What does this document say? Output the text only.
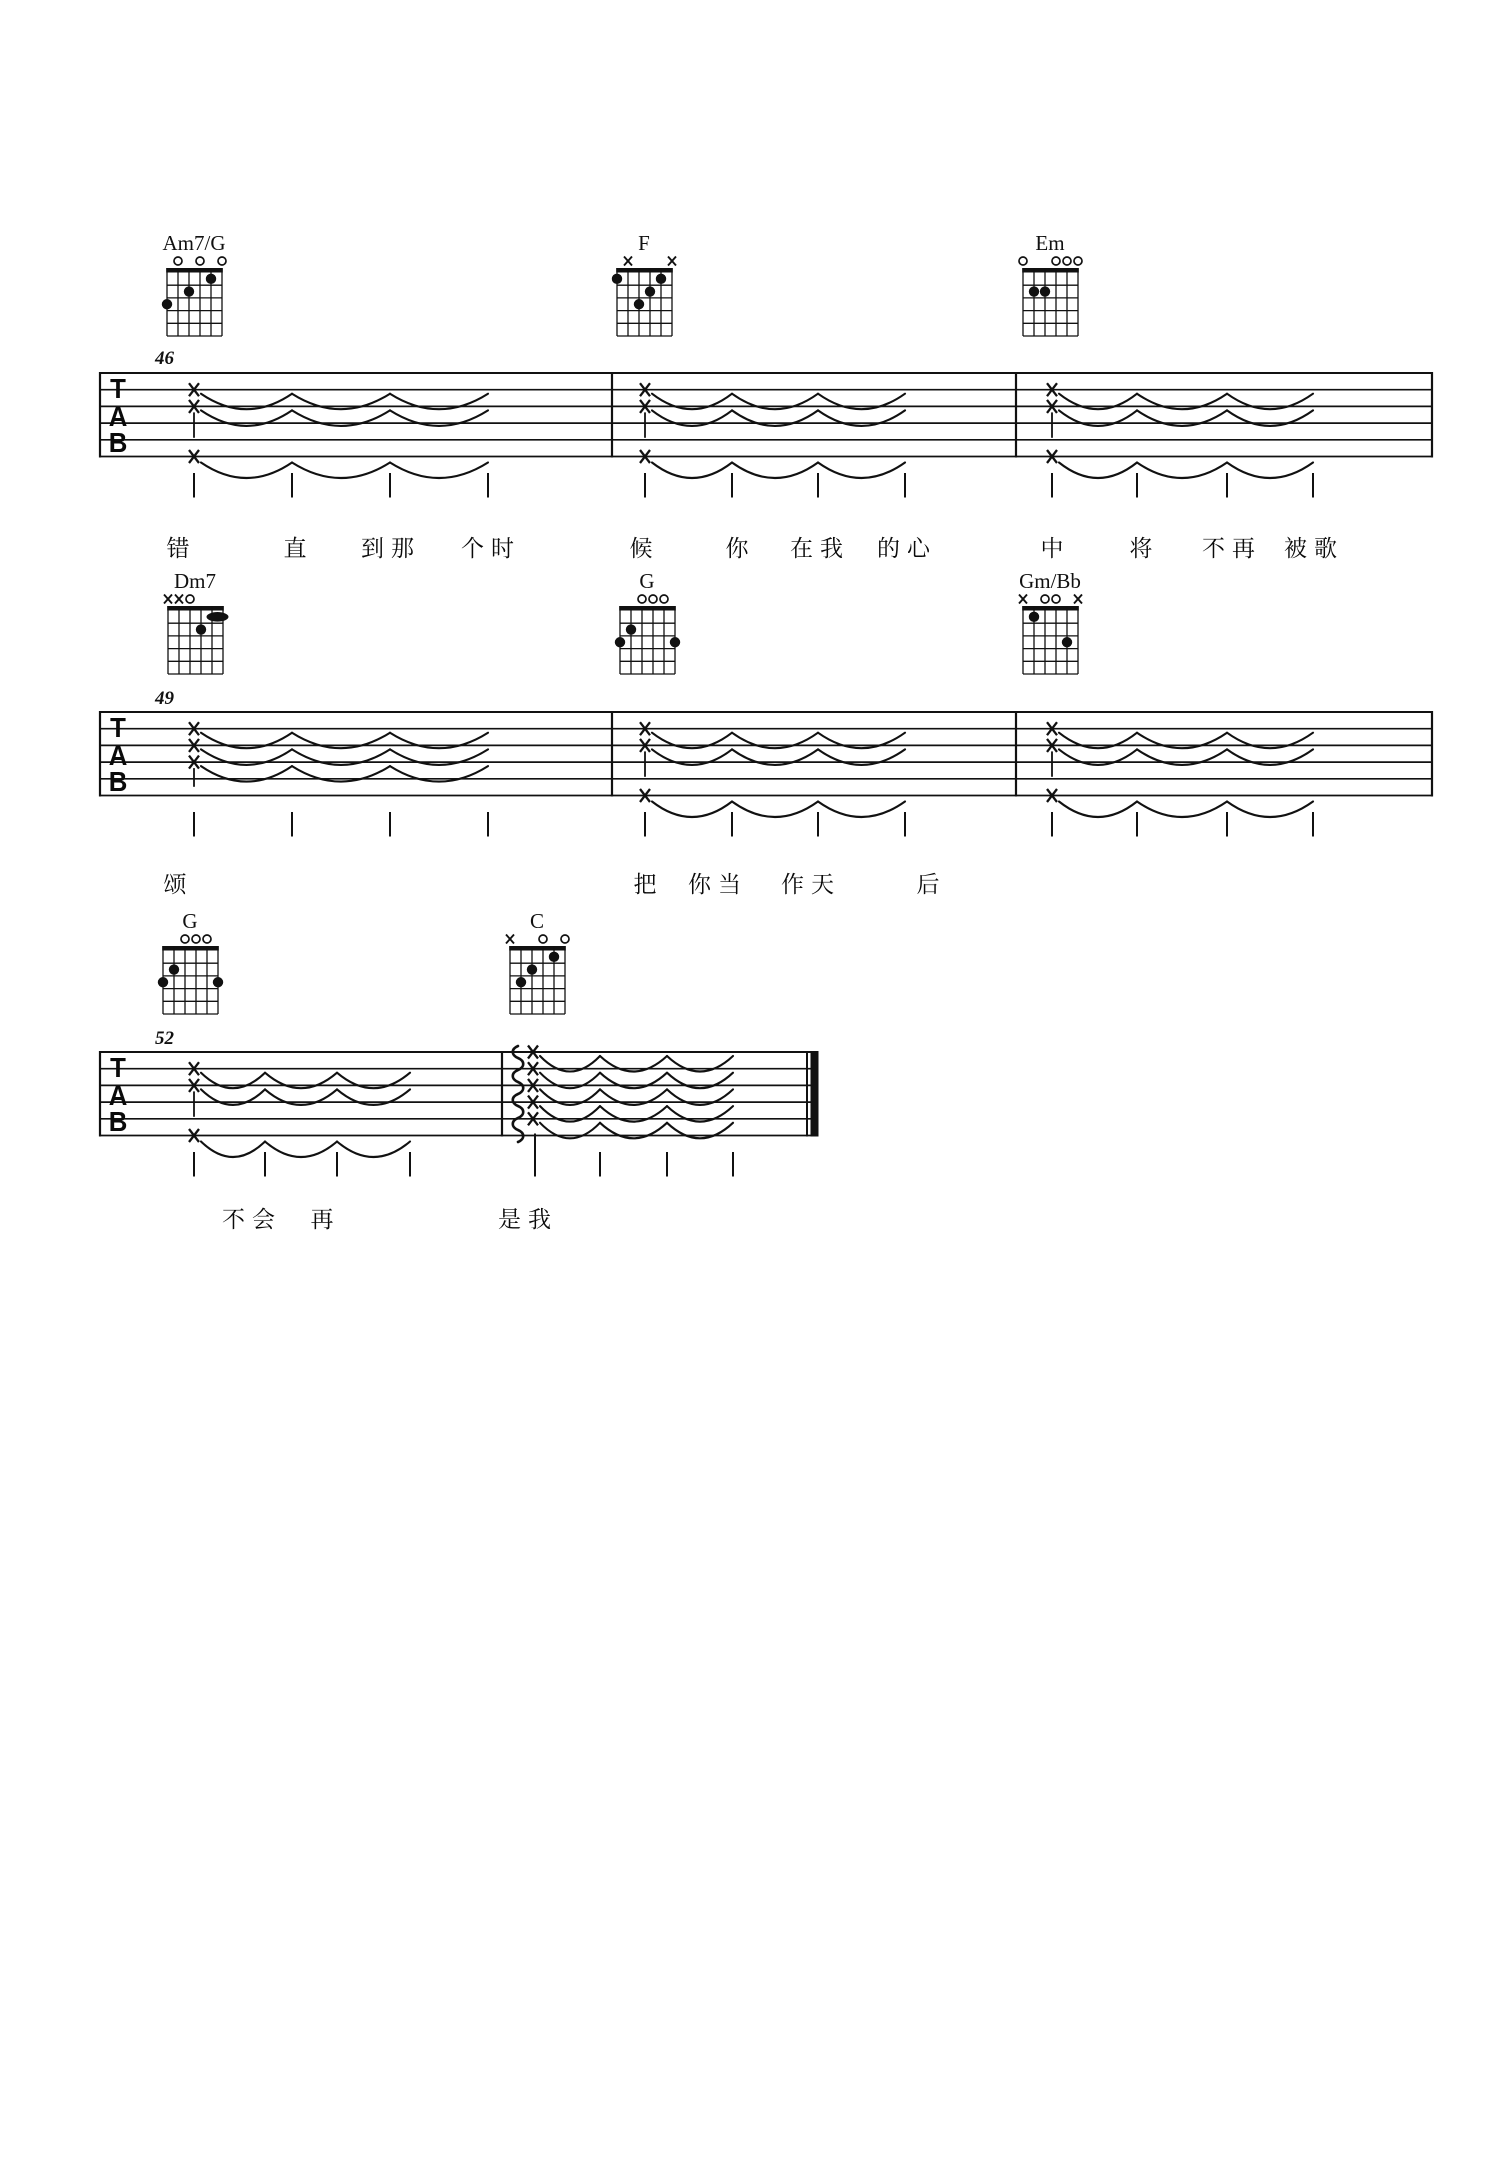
Am7/G	F	Em
Dm7	G	Gm/Bb
G	C
46
49
52
T
A
B
T
A
B
T
A
B
错	直 到那 个时	候	你 在我 的心	中	将 不再 被歌
颂	把 你当 作天	后
不会 再	是我
